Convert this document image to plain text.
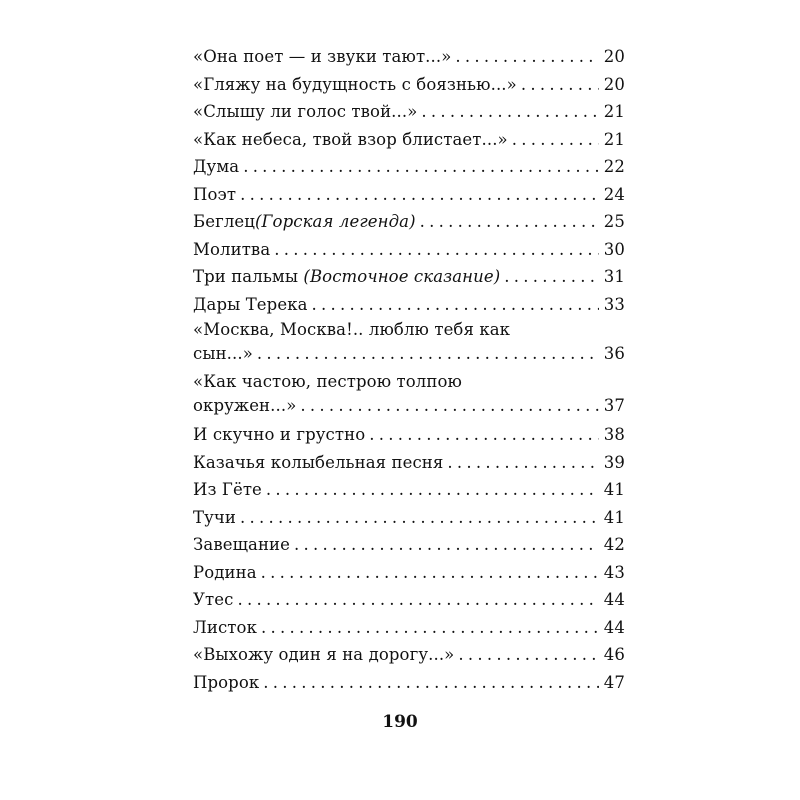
«Она поет — и звуки тают...» . . .	20
«Гляжу на будущность с боязнью...» . . .	20
«Слышу ли голос твой...» . . .	21
«Как небеса, твой взор блистает...» . . .	21
Дума . . .	22
Поэт . . .	24
Беглец(Горская легенда) . . .	25
Молитва . . .	30
Три пальмы (Восточное сказание) . . .	31
Дары Терека . . .	33
«Москва, Москва!.. люблю тебя как
сын...» . . .	36
«Как частою, пестрою толпою
окружен...» . . .	37
И скучно и грустно . . .	38
Казачья колыбельная песня . . .	39
Из Гёте . . .	41
Тучи . . .	41
Завещание . . .	42
Родина . . .	43
Утес . . .	44
Листок . . .	44
«Выхожу один я на дорогу...» . . .	46
Пророк . . .	47
190
